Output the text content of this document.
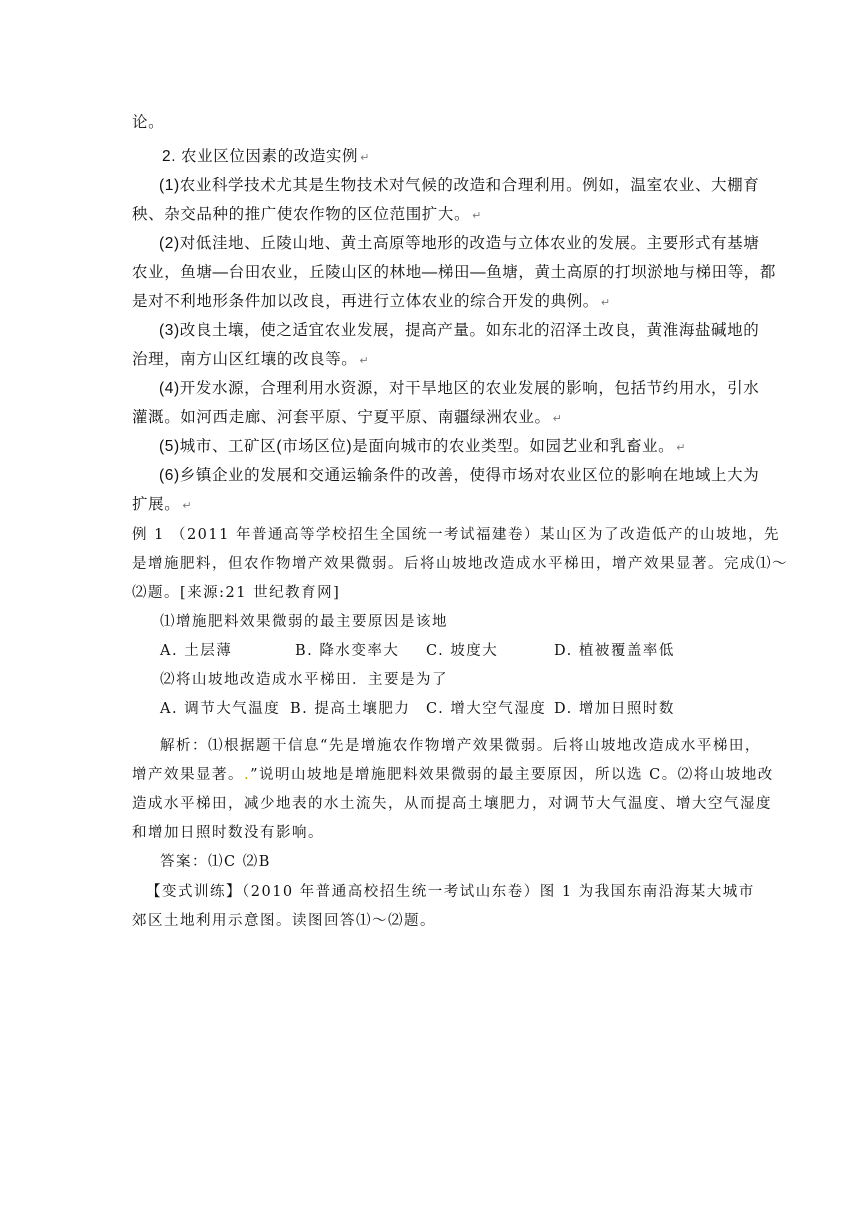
论。

2. 农业区位因素的改造实例 ↵

(1)农业科学技术尤其是生物技术对气候的改造和合理利用。例如，温室农业、大棚育

秧、杂交品种的推广使农作物的区位范围扩大。 ↵

(2)对低洼地、丘陵山地、黄土高原等地形的改造与立体农业的发展。主要形式有基塘

农业，鱼塘—台田农业，丘陵山区的林地—梯田—鱼塘，黄土高原的打坝淤地与梯田等，都

是对不利地形条件加以改良，再进行立体农业的综合开发的典例。 ↵

(3)改良土壤，使之适宜农业发展，提高产量。如东北的沼泽土改良，黄淮海盐碱地的

治理，南方山区红壤的改良等。 ↵

(4)开发水源，合理利用水资源，对干旱地区的农业发展的影响，包括节约用水，引水

灌溉。如河西走廊、河套平原、宁夏平原、南疆绿洲农业。 ↵

(5)城市、工矿区(市场区位)是面向城市的农业类型。如园艺业和乳畜业。 ↵

(6)乡镇企业的发展和交通运输条件的改善，使得市场对农业区位的影响在地域上大为

扩展。 ↵

例 1 （2011 年普通高等学校招生全国统一考试福建卷）某山区为了改造低产的山坡地，先

是增施肥料，但农作物增产效果微弱。后将山坡地改造成水平梯田，增产效果显著。完成⑴～

⑵题。[来源:21 世纪教育网]

⑴增施肥料效果微弱的最主要原因是该地

A. 土层薄	B. 降水变率大 C. 坡度大	D. 植被覆盖率低

⑵将山坡地改造成水平梯田．主要是为了

A. 调节大气温度 B. 提高土壤肥力 C. 增大空气湿度 D. 增加日照时数

解析：⑴根据题干信息“先是增施农作物增产效果微弱。后将山坡地改造成水平梯田，

增产效果显著。.”说明山坡地是增施肥料效果微弱的最主要原因，所以选 C。⑵将山坡地改

造成水平梯田，减少地表的水土流失，从而提高土壤肥力，对调节大气温度、增大空气湿度

和增加日照时数没有影响。

答案：⑴C ⑵B

【变式训练】（2010 年普通高校招生统一考试山东卷）图 1 为我国东南沿海某大城市

郊区土地利用示意图。读图回答⑴～⑵题。
